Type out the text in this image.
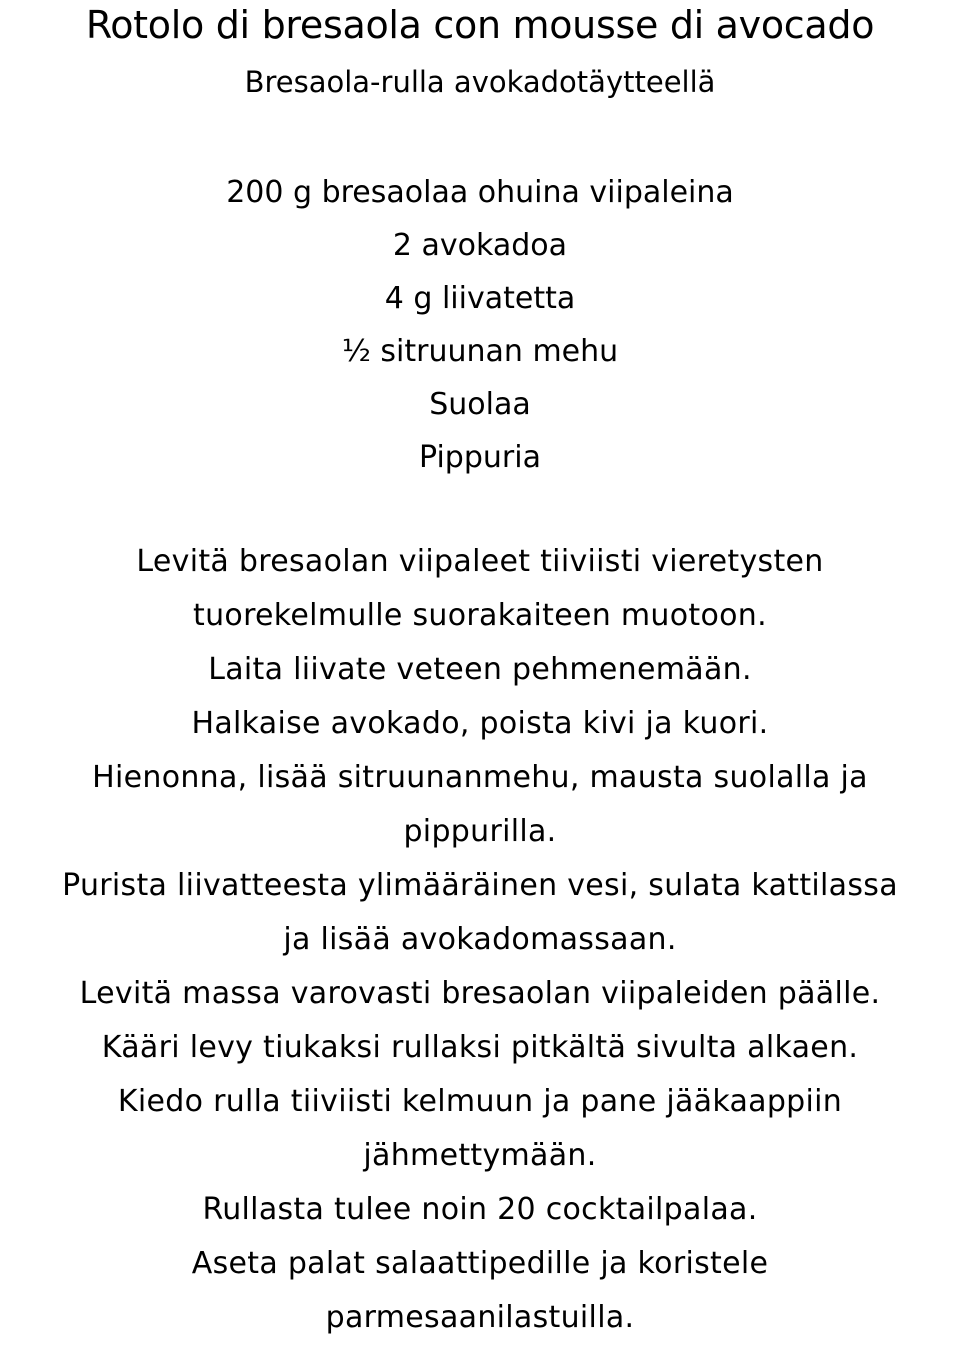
Rotolo di bresaola con mousse di avocado
Bresaola-rulla avokadotäytteellä
200 g bresaolaa ohuina viipaleina
2 avokadoa
4 g liivatetta
½ sitruunan mehu
Suolaa
Pippuria
Levitä bresaolan viipaleet tiiviisti vieretysten
tuorekelmulle suorakaiteen muotoon.
Laita liivate veteen pehmenemään.
Halkaise avokado, poista kivi ja kuori.
Hienonna, lisää sitruunanmehu, mausta suolalla ja
pippurilla.
Purista liivatteesta ylimääräinen vesi, sulata kattilassa
ja lisää avokadomassaan.
Levitä massa varovasti bresaolan viipaleiden päälle.
Kääri levy tiukaksi rullaksi pitkältä sivulta alkaen.
Kiedo rulla tiiviisti kelmuun ja pane jääkaappiin
jähmettymään.
Rullasta tulee noin 20 cocktailpalaa.
Aseta palat salaattipedille ja koristele
parmesaanilastuilla.
